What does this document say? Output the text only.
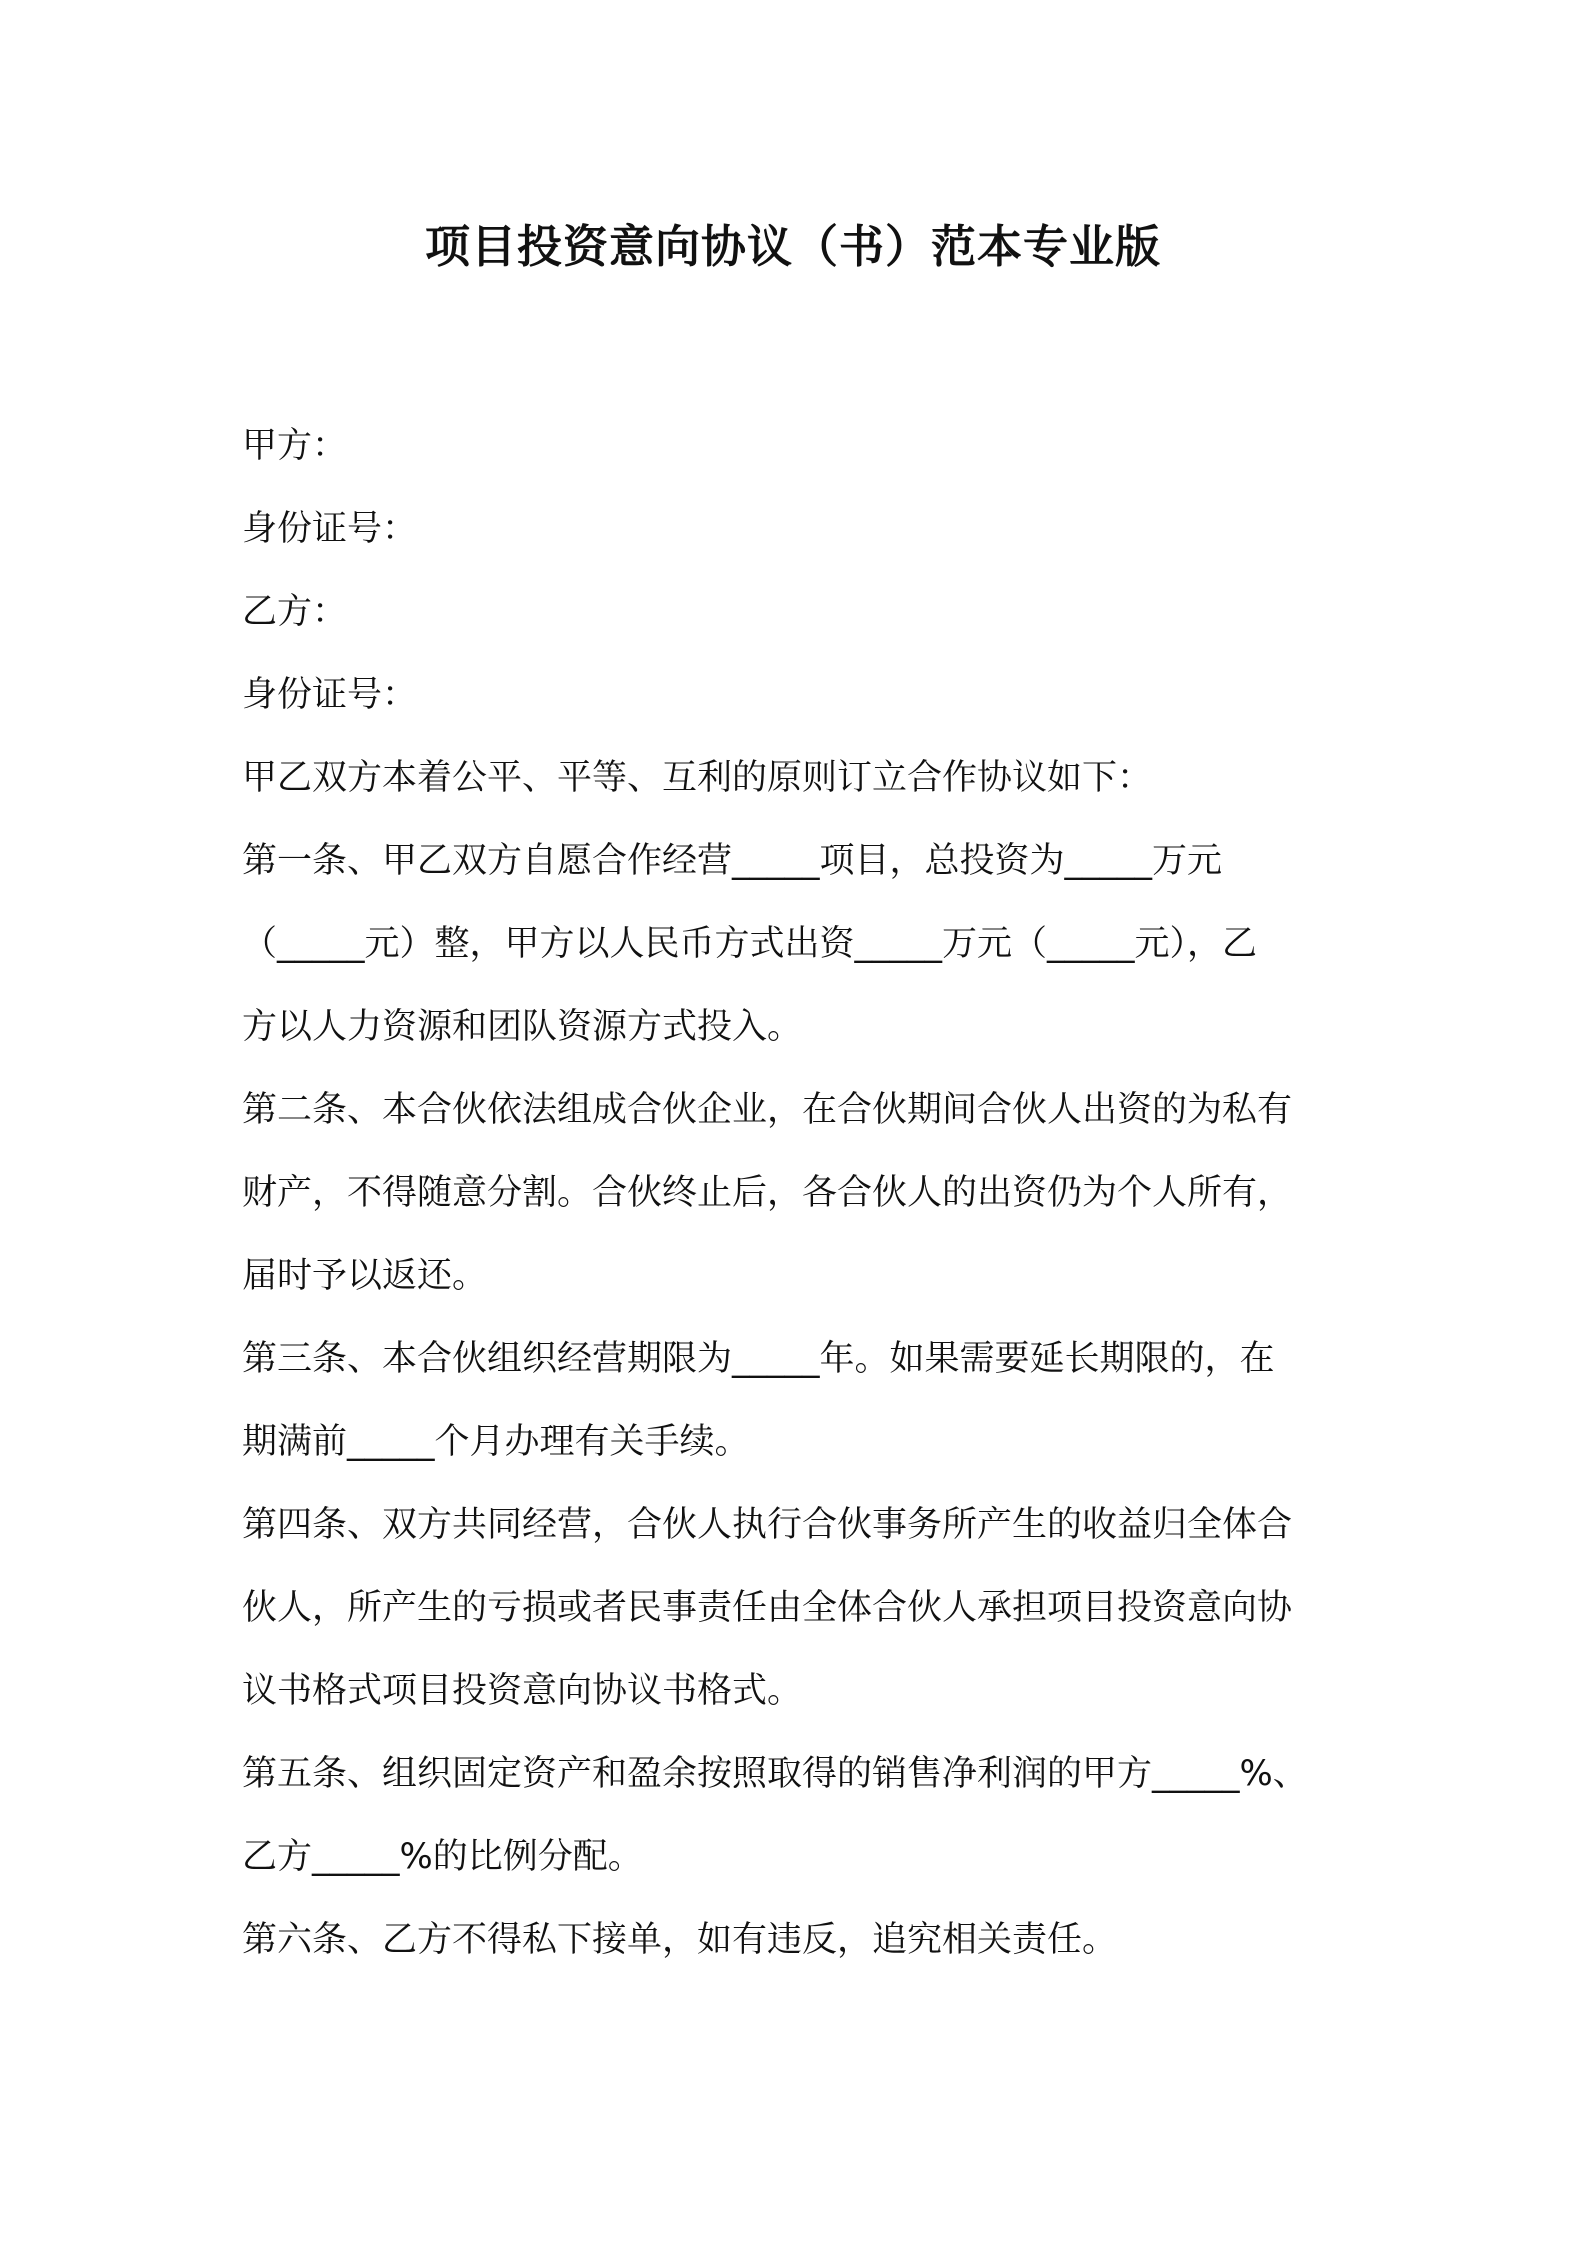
项目投资意向协议（书）范本专业版

甲方：

身份证号：

乙方：

身份证号：

甲乙双方本着公平、平等、互利的原则订立合作协议如下：

第一条、甲乙双方自愿合作经营_____项目，总投资为_____万元

（_____元）整，甲方以人民币方式出资_____万元（_____元），乙

方以人力资源和团队资源方式投入。

第二条、本合伙依法组成合伙企业，在合伙期间合伙人出资的为私有

财产，不得随意分割。合伙终止后，各合伙人的出资仍为个人所有，

届时予以返还。

第三条、本合伙组织经营期限为_____年。如果需要延长期限的，在

期满前_____个月办理有关手续。

第四条、双方共同经营，合伙人执行合伙事务所产生的收益归全体合

伙人，所产生的亏损或者民事责任由全体合伙人承担项目投资意向协

议书格式项目投资意向协议书格式。

第五条、组织固定资产和盈余按照取得的销售净利润的甲方_____%、

乙方_____%的比例分配。

第六条、乙方不得私下接单，如有违反，追究相关责任。
